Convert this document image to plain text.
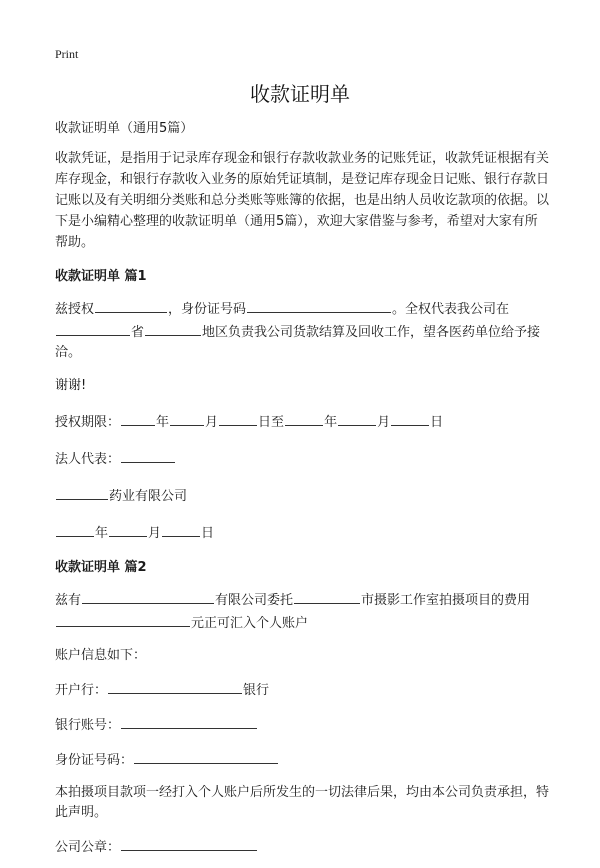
Print
收款证明单

收款证明单（通用5篇）

收款凭证，是指用于记录库存现金和银行存款收款业务的记账凭证，收款凭证根据有关库存现金，和银行存款收入业务的原始凭证填制，是登记库存现金日记账、银行存款日记账以及有关明细分类账和总分类账等账簿的依据，也是出纳人员收讫款项的依据。以下是小编精心整理的收款证明单（通用5篇），欢迎大家借鉴与参考，希望对大家有所帮助。

收款证明单 篇1

兹授权	，身份证号码	。全权代表我公司在
省	地区负责我公司货款结算及回收工作，望各医药单位给予接洽。

谢谢!

授权期限：	年	月	日至	年	月	日

法人代表：

药业有限公司

年	月	日

收款证明单 篇2

兹有	有限公司委托	市摄影工作室拍摄项目的费用
元正可汇入个人账户

账户信息如下：

开户行：	银行

银行账号：

身份证号码：

本拍摄项目款项一经打入个人账户后所发生的一切法律后果，均由本公司负责承担，特此声明。

公司公章：
